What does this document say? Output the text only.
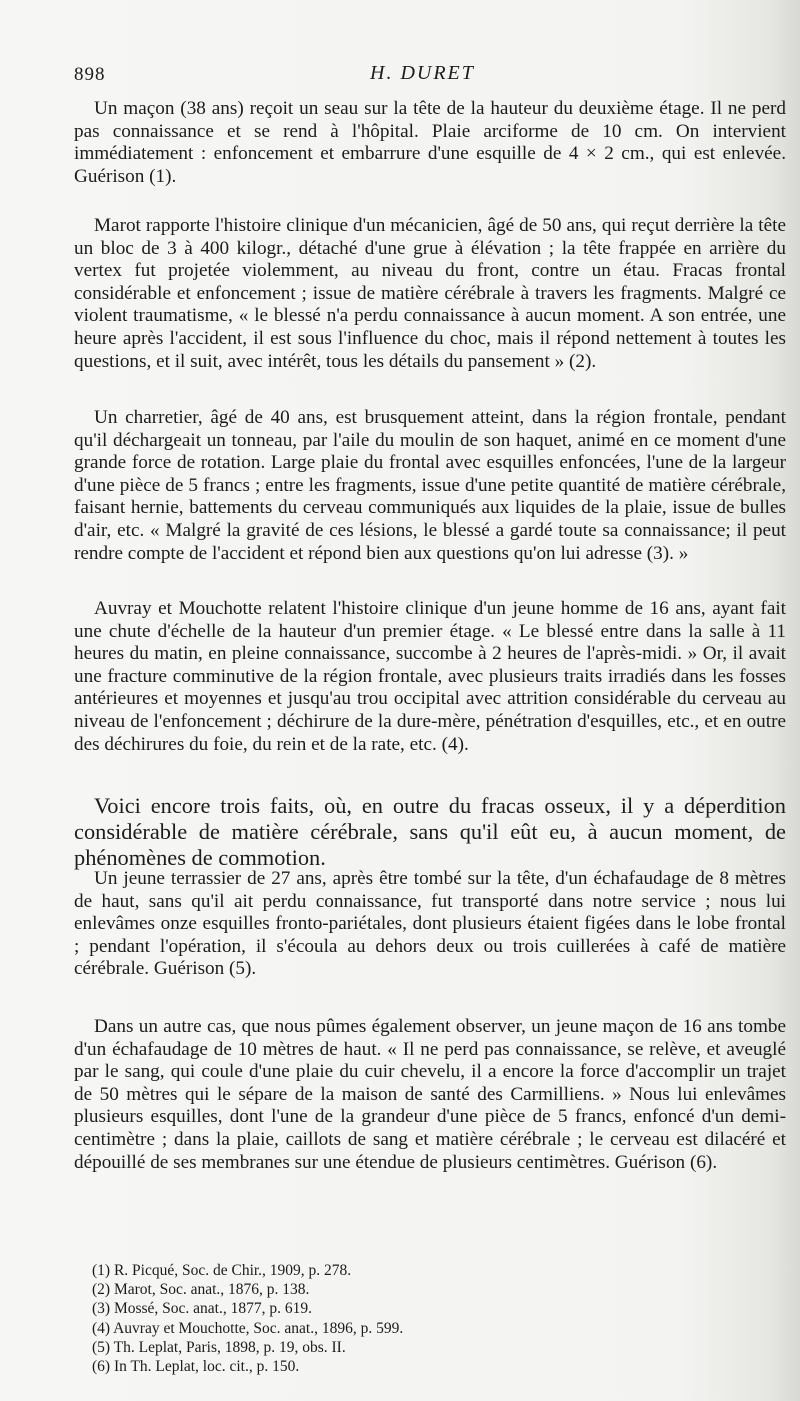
898	H. DURET

Un maçon (38 ans) reçoit un seau sur la tête de la hauteur du deuxième étage. Il ne perd pas connaissance et se rend à l'hôpital. Plaie arciforme de 10 cm. On intervient immédiatement : enfoncement et embarrure d'une esquille de 4 × 2 cm., qui est enlevée. Guérison (1).

Marot rapporte l'histoire clinique d'un mécanicien, âgé de 50 ans, qui reçut derrière la tête un bloc de 3 à 400 kilogr., détaché d'une grue à élévation ; la tête frappée en arrière du vertex fut projetée violemment, au niveau du front, contre un étau. Fracas frontal considérable et enfoncement ; issue de matière cérébrale à travers les fragments. Malgré ce violent traumatisme, « le blessé n'a perdu connaissance à aucun moment. A son entrée, une heure après l'accident, il est sous l'influence du choc, mais il répond nettement à toutes les questions, et il suit, avec intérêt, tous les détails du pansement » (2).

Un charretier, âgé de 40 ans, est brusquement atteint, dans la région frontale, pendant qu'il déchargeait un tonneau, par l'aile du moulin de son haquet, animé en ce moment d'une grande force de rotation. Large plaie du frontal avec esquilles enfoncées, l'une de la largeur d'une pièce de 5 francs ; entre les fragments, issue d'une petite quantité de matière cérébrale, faisant hernie, battements du cerveau communiqués aux liquides de la plaie, issue de bulles d'air, etc. « Malgré la gravité de ces lésions, le blessé a gardé toute sa connaissance; il peut rendre compte de l'accident et répond bien aux questions qu'on lui adresse (3). »

Auvray et Mouchotte relatent l'histoire clinique d'un jeune homme de 16 ans, ayant fait une chute d'échelle de la hauteur d'un premier étage. « Le blessé entre dans la salle à 11 heures du matin, en pleine connaissance, succombe à 2 heures de l'après-midi. » Or, il avait une fracture comminutive de la région frontale, avec plusieurs traits irradiés dans les fosses antérieures et moyennes et jusqu'au trou occipital avec attrition considérable du cerveau au niveau de l'enfoncement ; déchirure de la dure-mère, pénétration d'esquilles, etc., et en outre des déchirures du foie, du rein et de la rate, etc. (4).

Voici encore trois faits, où, en outre du fracas osseux, il y a déperdition considérable de matière cérébrale, sans qu'il eût eu, à aucun moment, de phénomènes de commotion.

Un jeune terrassier de 27 ans, après être tombé sur la tête, d'un échafaudage de 8 mètres de haut, sans qu'il ait perdu connaissance, fut transporté dans notre service ; nous lui enlevâmes onze esquilles fronto-pariétales, dont plusieurs étaient figées dans le lobe frontal ; pendant l'opération, il s'écoula au dehors deux ou trois cuillerées à café de matière cérébrale. Guérison (5).

Dans un autre cas, que nous pûmes également observer, un jeune maçon de 16 ans tombe d'un échafaudage de 10 mètres de haut. « Il ne perd pas connaissance, se relève, et aveuglé par le sang, qui coule d'une plaie du cuir chevelu, il a encore la force d'accomplir un trajet de 50 mètres qui le sépare de la maison de santé des Carmilliens. » Nous lui enlevâmes plusieurs esquilles, dont l'une de la grandeur d'une pièce de 5 francs, enfoncé d'un demi-centimètre ; dans la plaie, caillots de sang et matière cérébrale ; le cerveau est dilacéré et dépouillé de ses membranes sur une étendue de plusieurs centimètres. Guérison (6).

(1) R. Picqué, Soc. de Chir., 1909, p. 278.

(2) Marot, Soc. anat., 1876, p. 138.

(3) Mossé, Soc. anat., 1877, p. 619.

(4) Auvray et Mouchotte, Soc. anat., 1896, p. 599.

(5) Th. Leplat, Paris, 1898, p. 19, obs. II.

(6) In Th. Leplat, loc. cit., p. 150.
